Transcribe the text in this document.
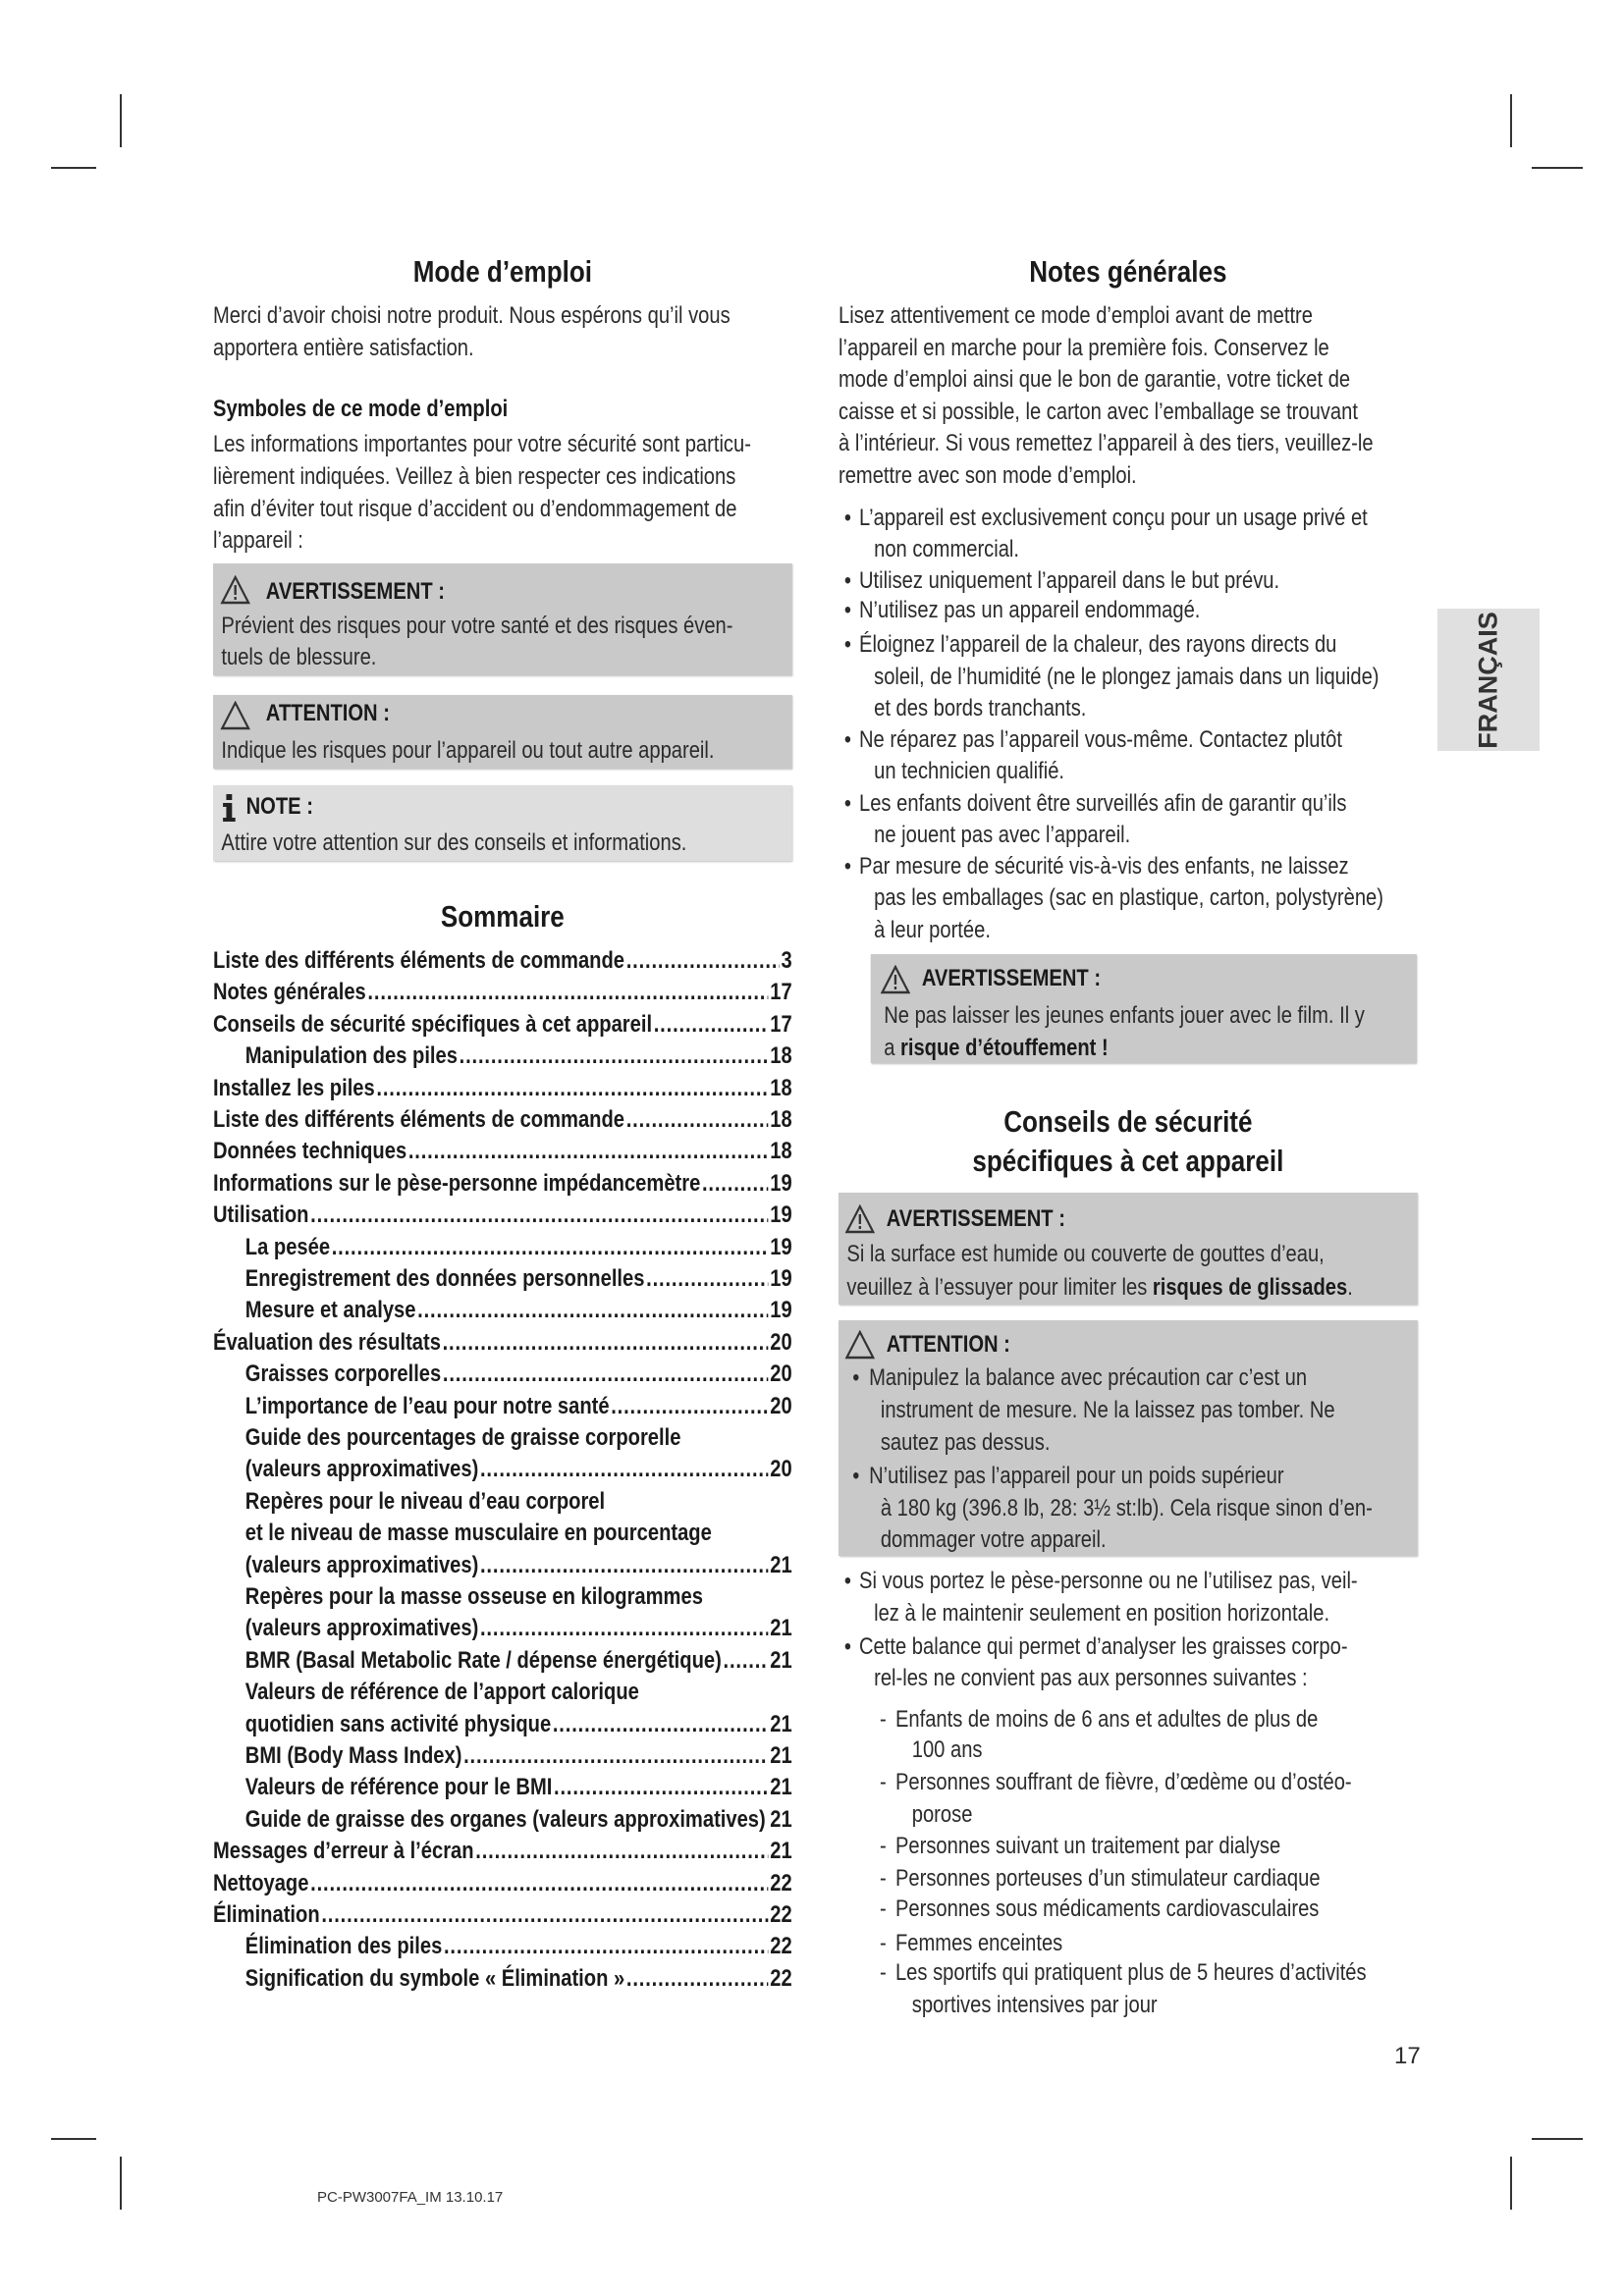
Mode d’emploi
Merci d’avoir choisi notre produit. Nous espérons qu’il vous
apportera entière satisfaction.
Symboles de ce mode d’emploi
Les informations importantes pour votre sécurité sont particu-
lièrement indiquées. Veillez à bien respecter ces indications
afin d’éviter tout risque d’accident ou d’endommagement de
l’appareil :
AVERTISSEMENT :
Prévient des risques pour votre santé et des risques éven-
tuels de blessure.
ATTENTION :
Indique les risques pour l’appareil ou tout autre appareil.
NOTE :
Attire votre attention sur des conseils et informations.
Sommaire
Liste des différents éléments de commande .....	3
Notes générales .....	17
Conseils de sécurité spécifiques à cet appareil .....	17
Manipulation des piles .....	18
Installez les piles .....	18
Liste des différents éléments de commande .....	18
Données techniques .....	18
Informations sur le pèse-personne impédancemètre .....	19
Utilisation .....	19
La pesée .....	19
Enregistrement des données personnelles .....	19
Mesure et analyse .....	19
Évaluation des résultats .....	20
Graisses corporelles .....	20
L’importance de l’eau pour notre santé .....	20
Guide des pourcentages de graisse corporelle
(valeurs approximatives) .....	20
Repères pour le niveau d’eau corporel
et le niveau de masse musculaire en pourcentage
(valeurs approximatives) .....	21
Repères pour la masse osseuse en kilogrammes
(valeurs approximatives) .....	21
BMR (Basal Metabolic Rate / dépense énergétique) ..... 21
Valeurs de référence de l’apport calorique
quotidien sans activité physique .....	21
BMI (Body Mass Index) .....	21
Valeurs de référence pour le BMI .....	21
Guide de graisse des organes (valeurs approximatives) ..... 21
Messages d’erreur à l’écran .....	21
Nettoyage .....	22
Élimination .....	22
Élimination des piles .....	22
Signification du symbole « Élimination » .....	22
Notes générales
Lisez attentivement ce mode d’emploi avant de mettre
l’appareil en marche pour la première fois. Conservez le
mode d’emploi ainsi que le bon de garantie, votre ticket de
caisse et si possible, le carton avec l’emballage se trouvant
à l’intérieur. Si vous remettez l’appareil à des tiers, veuillez-le
remettre avec son mode d’emploi.
• L’appareil est exclusivement conçu pour un usage privé et
non commercial.
• Utilisez uniquement l’appareil dans le but prévu.
• N’utilisez pas un appareil endommagé.
• Éloignez l’appareil de la chaleur, des rayons directs du
soleil, de l’humidité (ne le plongez jamais dans un liquide)
et des bords tranchants.
• Ne réparez pas l’appareil vous-même. Contactez plutôt
un technicien qualifié.
• Les enfants doivent être surveillés afin de garantir qu’ils
ne jouent pas avec l’appareil.
• Par mesure de sécurité vis-à-vis des enfants, ne laissez
pas les emballages (sac en plastique, carton, polystyrène)
à leur portée.
AVERTISSEMENT :
Ne pas laisser les jeunes enfants jouer avec le film. Il y
a risque d’étouffement !
Conseils de sécurité
spécifiques à cet appareil
AVERTISSEMENT :
Si la surface est humide ou couverte de gouttes d’eau,
veuillez à l’essuyer pour limiter les risques de glissades.
ATTENTION :
• Manipulez la balance avec précaution car c’est un
instrument de mesure. Ne la laissez pas tomber. Ne
sautez pas dessus.
• N’utilisez pas l’appareil pour un poids supérieur
à 180 kg (396.8 lb, 28: 3½ st:lb). Cela risque sinon d’en-
dommager votre appareil.
• Si vous portez le pèse-personne ou ne l’utilisez pas, veil-
lez à le maintenir seulement en position horizontale.
• Cette balance qui permet d’analyser les graisses corpo-
rel-les ne convient pas aux personnes suivantes :
- Enfants de moins de 6 ans et adultes de plus de
100 ans
- Personnes souffrant de fièvre, d’œdème ou d’ostéo-
porose
- Personnes suivant un traitement par dialyse
- Personnes porteuses d’un stimulateur cardiaque
- Personnes sous médicaments cardiovasculaires
- Femmes enceintes
- Les sportifs qui pratiquent plus de 5 heures d’activités
sportives intensives par jour
FRANÇAIS
17
PC-PW3007FA_IM 13.10.17
